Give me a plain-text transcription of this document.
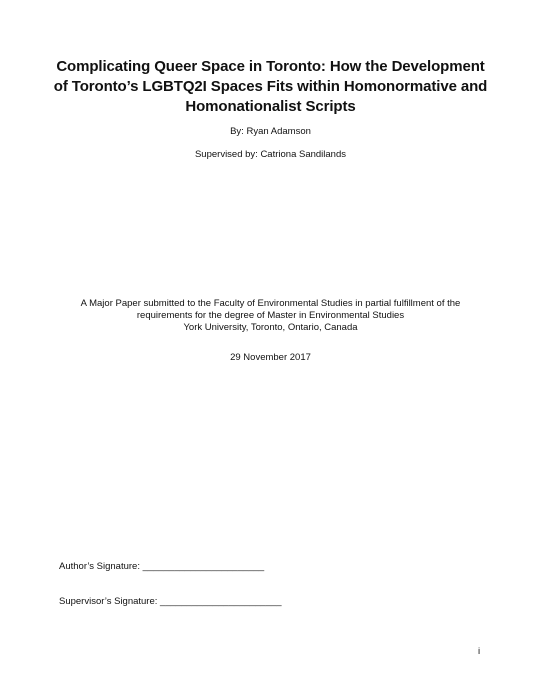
Complicating Queer Space in Toronto: How the Development
of Toronto’s LGBTQ2I Spaces Fits within Homonormative and
Homonationalist Scripts
By: Ryan Adamson
Supervised by: Catriona Sandilands
A Major Paper submitted to the Faculty of Environmental Studies in partial fulfillment of the
requirements for the degree of Master in Environmental Studies
York University, Toronto, Ontario, Canada
29 November 2017
Author’s Signature: _______________________
Supervisor’s Signature: _______________________
i
